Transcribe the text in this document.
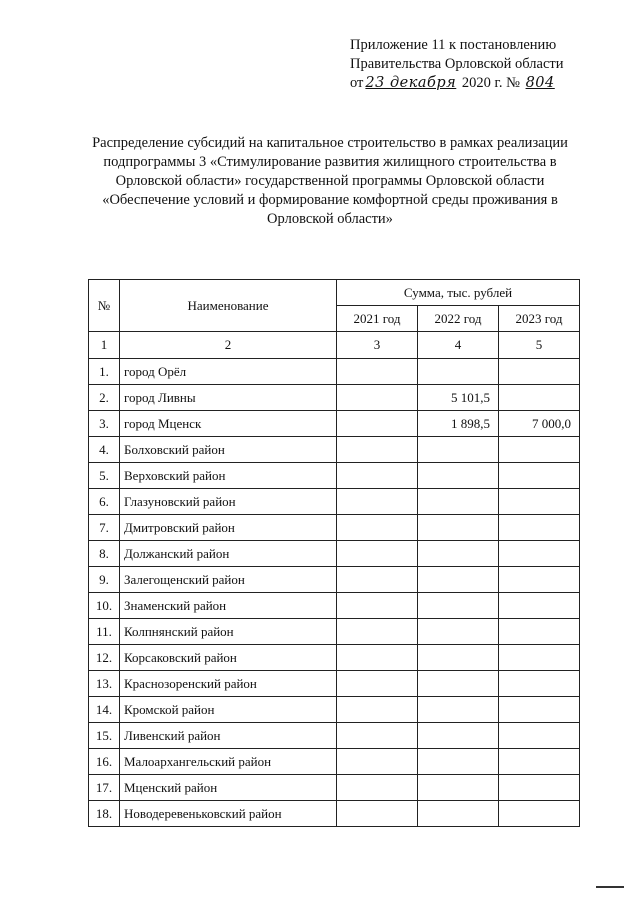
Приложение 11 к постановлению
Правительства Орловской области
от 23 декабря 2020 г. № 804
Распределение субсидий на капитальное строительство в рамках реализации
подпрограммы 3 «Стимулирование развития жилищного строительства в
Орловской области» государственной программы Орловской области
«Обеспечение условий и формирование комфортной среды проживания в
Орловской области»
№	Наименование	Сумма, тыс. рублей		
		2021 год	2022 год	2023 год
1	2	3	4	5
1.	город Орёл			
2.	город Ливны		5 101,5	
3.	город Мценск		1 898,5	7 000,0
4.	Болховский район			
5.	Верховский район			
6.	Глазуновский район			
7.	Дмитровский район			
8.	Должанский район			
9.	Залегощенский район			
10.	Знаменский район			
11.	Колпнянский район			
12.	Корсаковский район			
13.	Краснозоренский район			
14.	Кромской район			
15.	Ливенский район			
16.	Малоархангельский район			
17.	Мценский район			
18.	Новодеревеньковский район			
